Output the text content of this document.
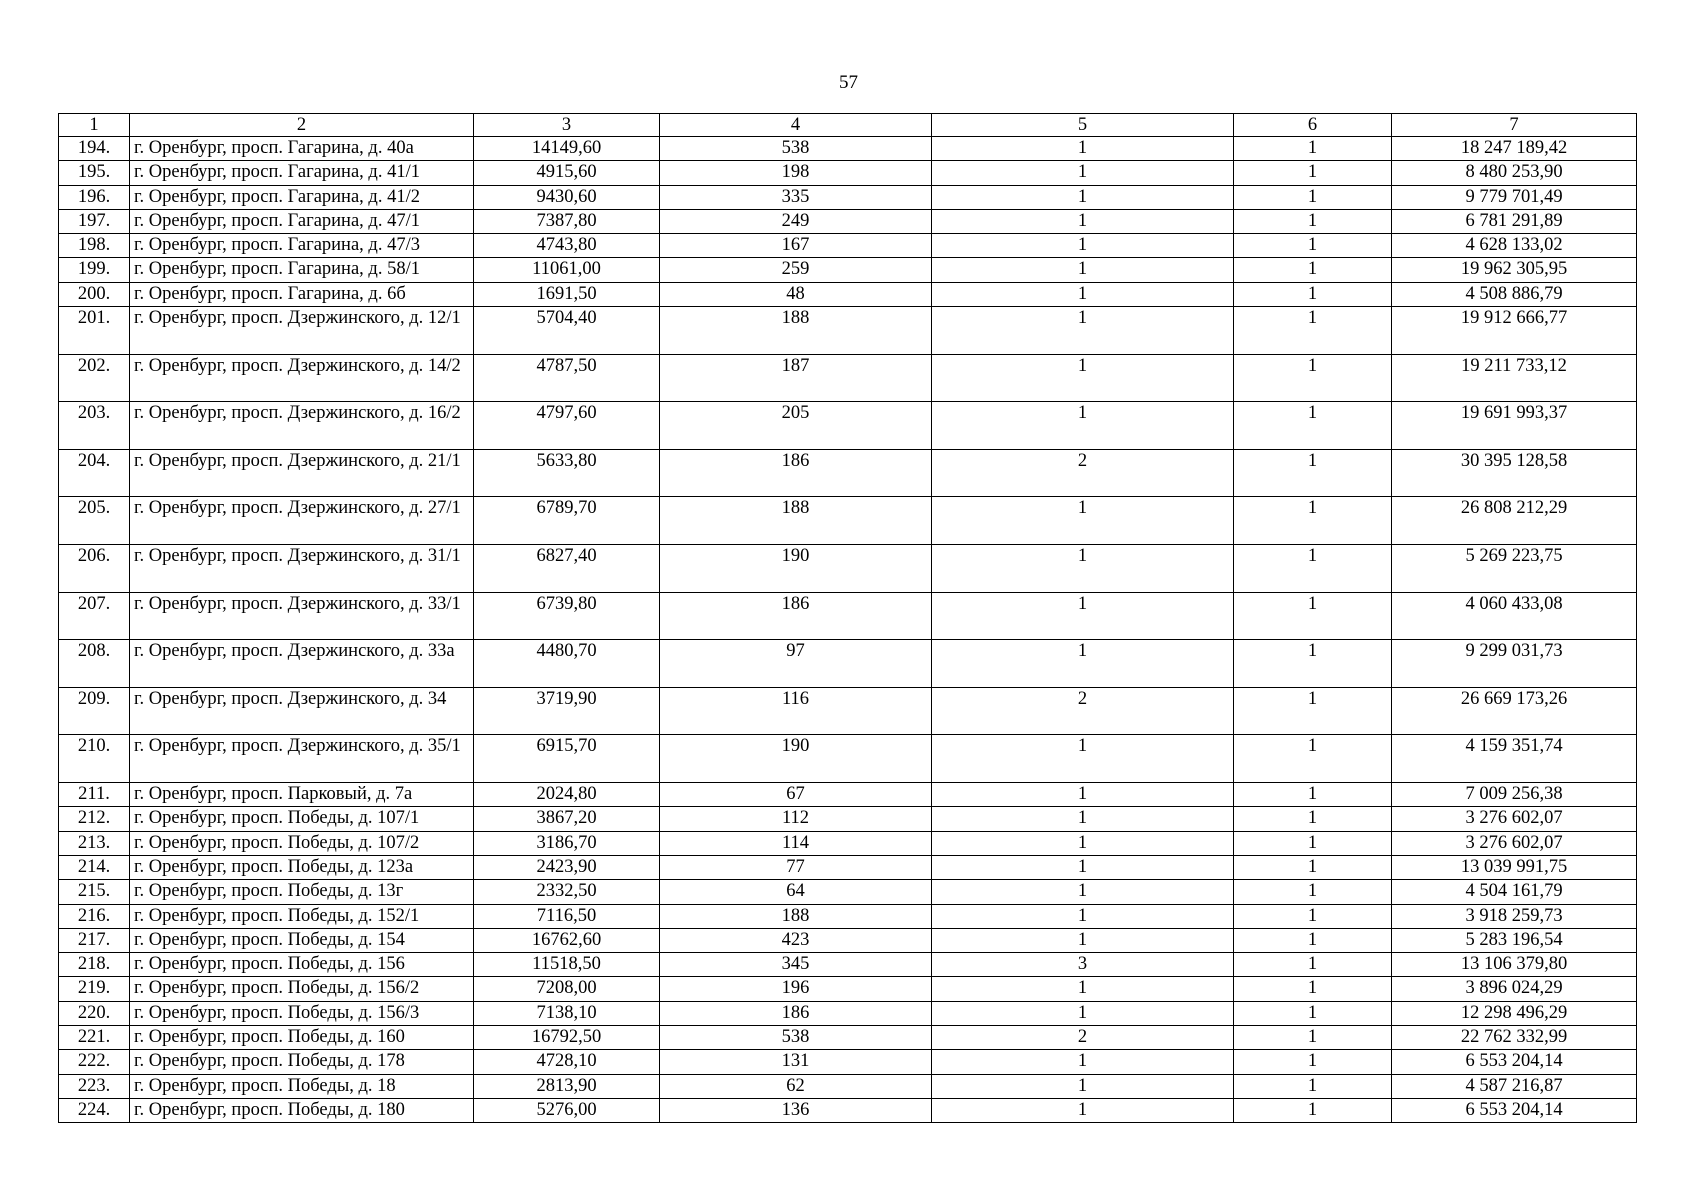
57
1	2	3	4	5	6	7
194.	г. Оренбург, просп. Гагарина, д. 40а	14149,60	538	1	1	18 247 189,42
195.	г. Оренбург, просп. Гагарина, д. 41/1	4915,60	198	1	1	8 480 253,90
196.	г. Оренбург, просп. Гагарина, д. 41/2	9430,60	335	1	1	9 779 701,49
197.	г. Оренбург, просп. Гагарина, д. 47/1	7387,80	249	1	1	6 781 291,89
198.	г. Оренбург, просп. Гагарина, д. 47/3	4743,80	167	1	1	4 628 133,02
199.	г. Оренбург, просп. Гагарина, д. 58/1	11061,00	259	1	1	19 962 305,95
200.	г. Оренбург, просп. Гагарина, д. 6б	1691,50	48	1	1	4 508 886,79
201.	г. Оренбург, просп. Дзержинского, д. 12/1	5704,40	188	1	1	19 912 666,77
202.	г. Оренбург, просп. Дзержинского, д. 14/2	4787,50	187	1	1	19 211 733,12
203.	г. Оренбург, просп. Дзержинского, д. 16/2	4797,60	205	1	1	19 691 993,37
204.	г. Оренбург, просп. Дзержинского, д. 21/1	5633,80	186	2	1	30 395 128,58
205.	г. Оренбург, просп. Дзержинского, д. 27/1	6789,70	188	1	1	26 808 212,29
206.	г. Оренбург, просп. Дзержинского, д. 31/1	6827,40	190	1	1	5 269 223,75
207.	г. Оренбург, просп. Дзержинского, д. 33/1	6739,80	186	1	1	4 060 433,08
208.	г. Оренбург, просп. Дзержинского, д. 33а	4480,70	97	1	1	9 299 031,73
209.	г. Оренбург, просп. Дзержинского, д. 34	3719,90	116	2	1	26 669 173,26
210.	г. Оренбург, просп. Дзержинского, д. 35/1	6915,70	190	1	1	4 159 351,74
211.	г. Оренбург, просп. Парковый, д. 7а	2024,80	67	1	1	7 009 256,38
212.	г. Оренбург, просп. Победы, д. 107/1	3867,20	112	1	1	3 276 602,07
213.	г. Оренбург, просп. Победы, д. 107/2	3186,70	114	1	1	3 276 602,07
214.	г. Оренбург, просп. Победы, д. 123а	2423,90	77	1	1	13 039 991,75
215.	г. Оренбург, просп. Победы, д. 13г	2332,50	64	1	1	4 504 161,79
216.	г. Оренбург, просп. Победы, д. 152/1	7116,50	188	1	1	3 918 259,73
217.	г. Оренбург, просп. Победы, д. 154	16762,60	423	1	1	5 283 196,54
218.	г. Оренбург, просп. Победы, д. 156	11518,50	345	3	1	13 106 379,80
219.	г. Оренбург, просп. Победы, д. 156/2	7208,00	196	1	1	3 896 024,29
220.	г. Оренбург, просп. Победы, д. 156/3	7138,10	186	1	1	12 298 496,29
221.	г. Оренбург, просп. Победы, д. 160	16792,50	538	2	1	22 762 332,99
222.	г. Оренбург, просп. Победы, д. 178	4728,10	131	1	1	6 553 204,14
223.	г. Оренбург, просп. Победы, д. 18	2813,90	62	1	1	4 587 216,87
224.	г. Оренбург, просп. Победы, д. 180	5276,00	136	1	1	6 553 204,14
